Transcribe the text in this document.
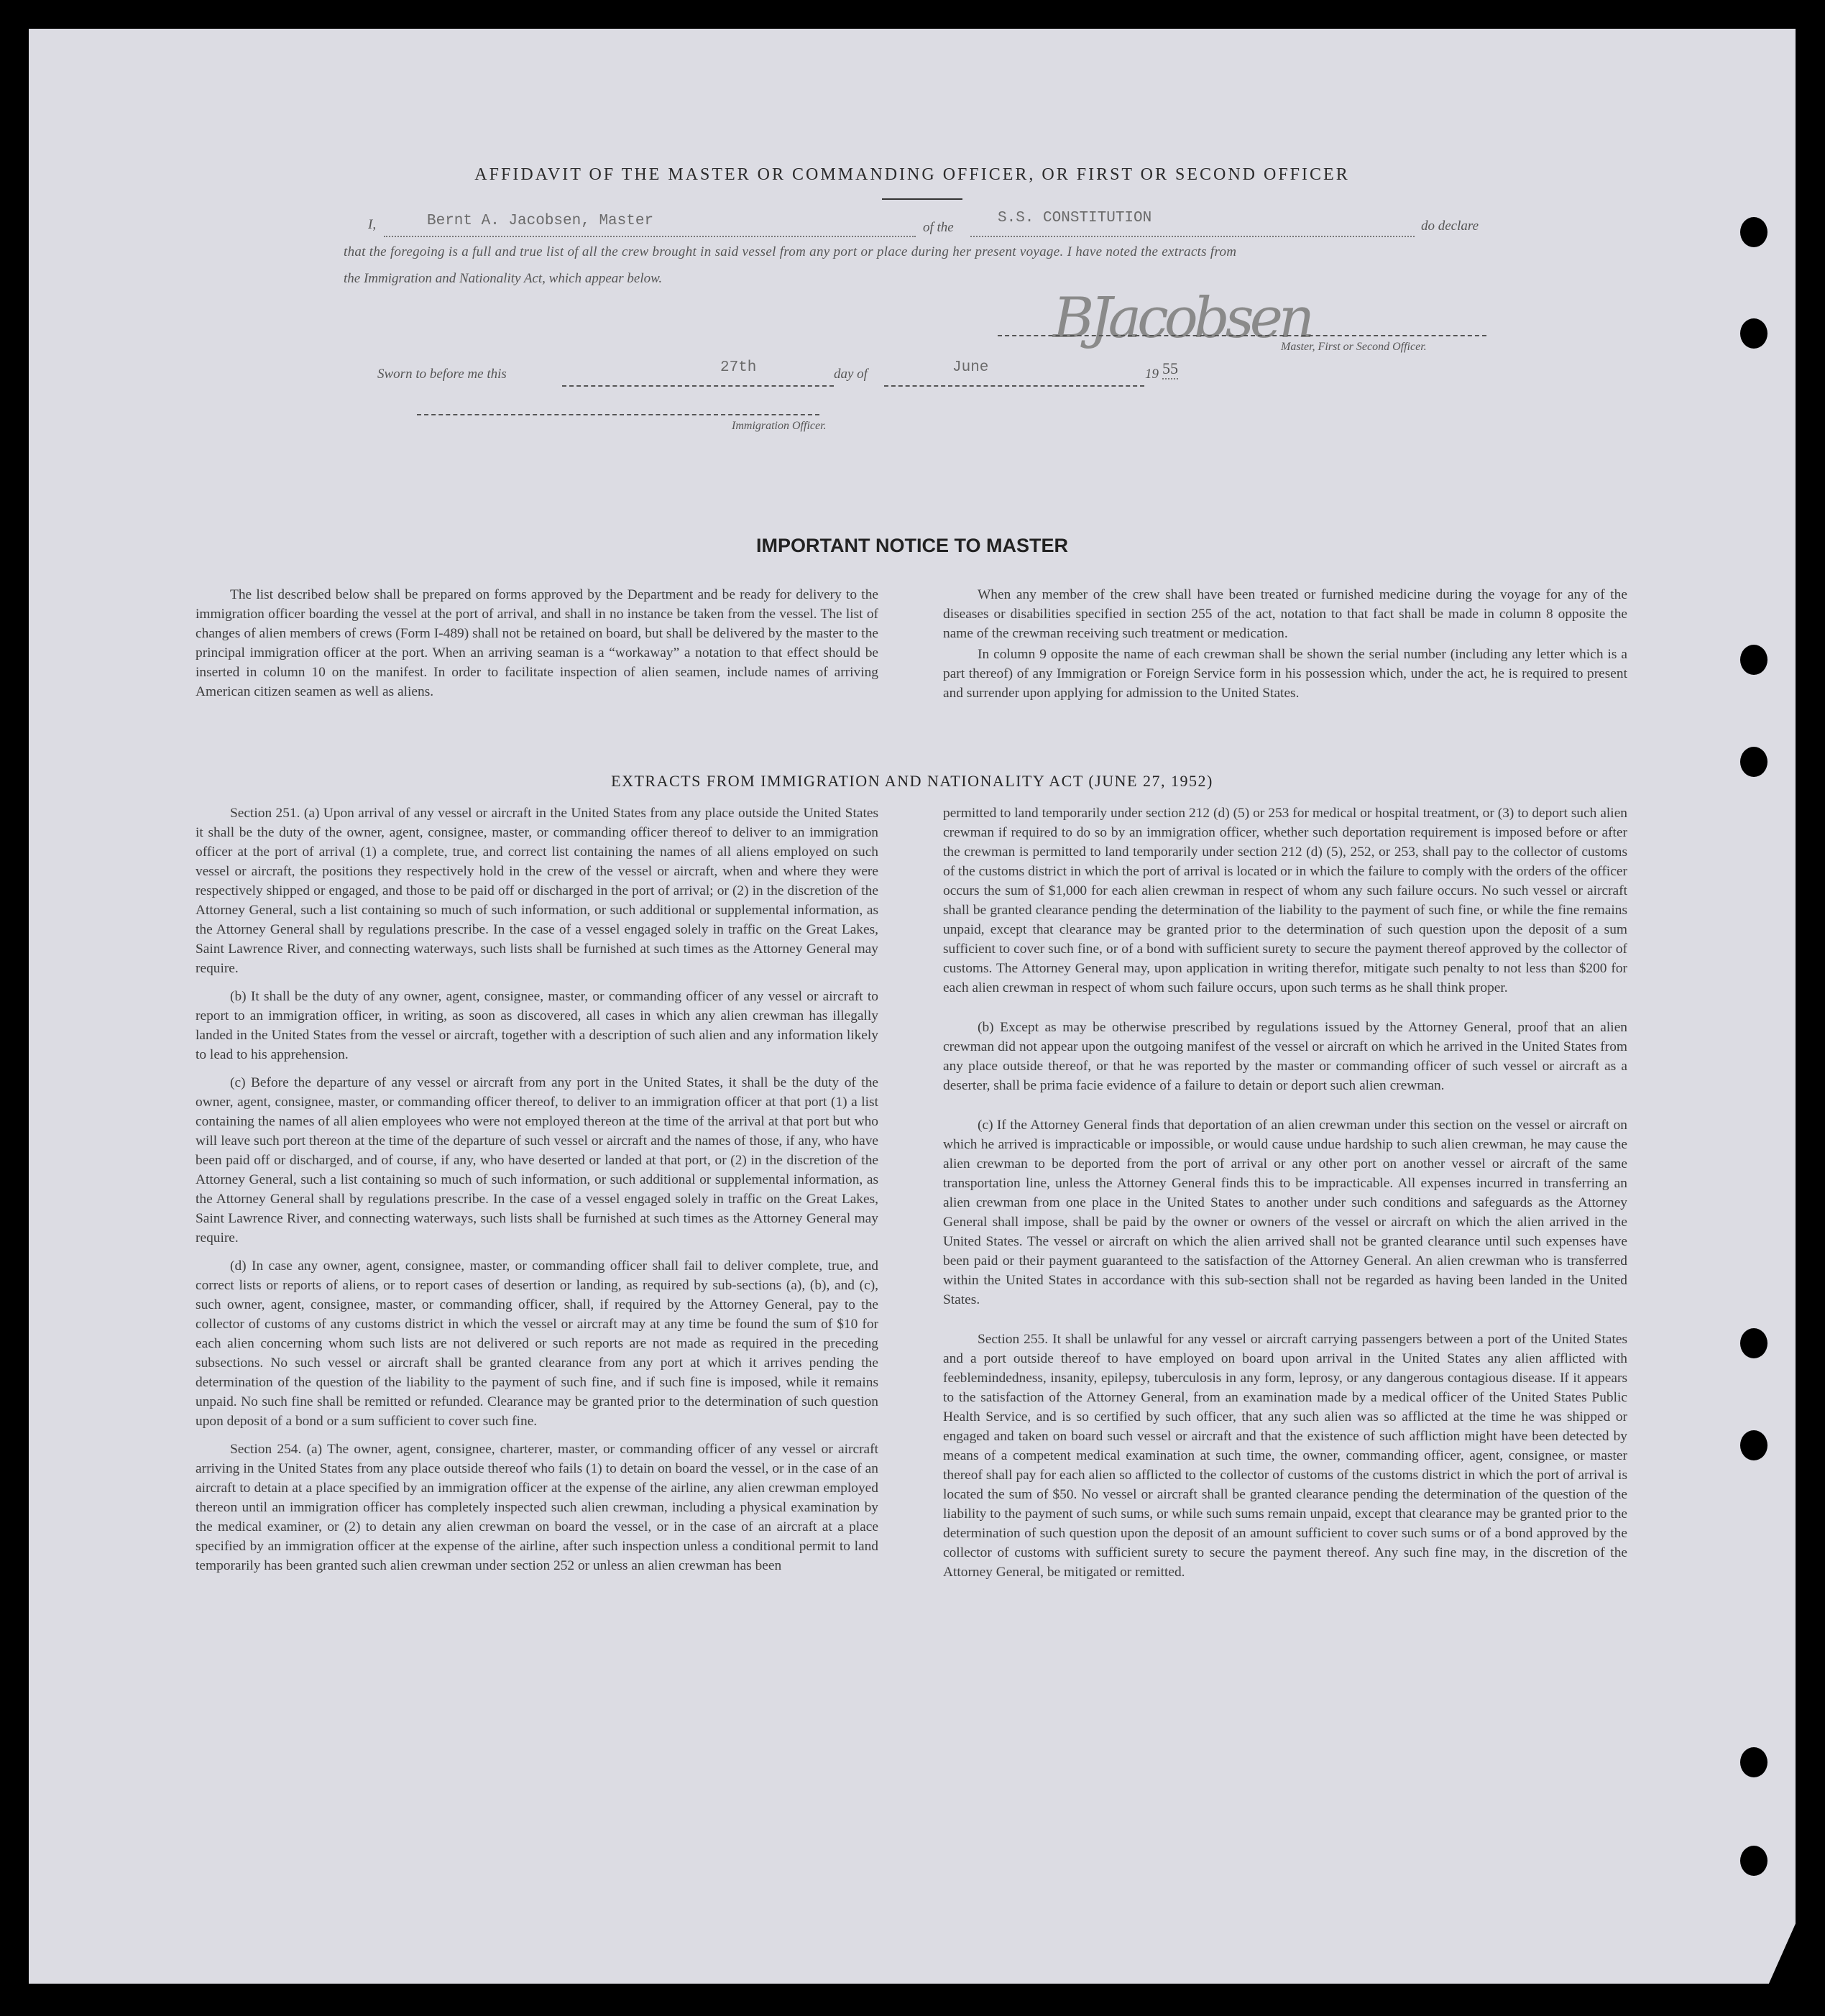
AFFIDAVIT OF THE MASTER OR COMMANDING OFFICER, OR FIRST OR SECOND OFFICER
I,	Bernt A. Jacobsen, Master	of the
S.S. CONSTITUTION	do declare
that the foregoing is a full and true list of all the crew brought in said vessel from any port or place during her present voyage. I have noted the extracts from
the Immigration and Nationality Act, which appear below.
BJacobsen
Master, First or Second Officer.
Sworn to before me this	27th	day of	June	19 55
Immigration Officer.
IMPORTANT NOTICE TO MASTER

The list described below shall be prepared on forms approved by the Department and be ready for delivery to the immigration officer boarding the vessel at the port of arrival, and shall in no instance be taken from the vessel. The list of changes of alien members of crews (Form I-489) shall not be retained on board, but shall be delivered by the master to the principal immigration officer at the port. When an arriving seaman is a “workaway” a notation to that effect should be inserted in column 10 on the manifest. In order to facilitate inspection of alien seamen, include names of arriving American citizen seamen as well as aliens.

When any member of the crew shall have been treated or furnished medicine during the voyage for any of the diseases or disabilities specified in section 255 of the act, notation to that fact shall be made in column 8 opposite the name of the crewman receiving such treatment or medication.

In column 9 opposite the name of each crewman shall be shown the serial number (including any letter which is a part thereof) of any Immigration or Foreign Service form in his possession which, under the act, he is required to present and surrender upon applying for admission to the United States.

EXTRACTS FROM IMMIGRATION AND NATIONALITY ACT (JUNE 27, 1952)

Section 251. (a) Upon arrival of any vessel or aircraft in the United States from any place outside the United States it shall be the duty of the owner, agent, consignee, master, or commanding officer thereof to deliver to an immigration officer at the port of arrival (1) a complete, true, and correct list containing the names of all aliens employed on such vessel or aircraft, the positions they respectively hold in the crew of the vessel or aircraft, when and where they were respectively shipped or engaged, and those to be paid off or discharged in the port of arrival; or (2) in the discretion of the Attorney General, such a list containing so much of such information, or such additional or supplemental information, as the Attorney General shall by regulations prescribe. In the case of a vessel engaged solely in traffic on the Great Lakes, Saint Lawrence River, and connecting waterways, such lists shall be furnished at such times as the Attorney General may require.

(b) It shall be the duty of any owner, agent, consignee, master, or commanding officer of any vessel or aircraft to report to an immigration officer, in writing, as soon as discovered, all cases in which any alien crewman has illegally landed in the United States from the vessel or aircraft, together with a description of such alien and any information likely to lead to his apprehension.

(c) Before the departure of any vessel or aircraft from any port in the United States, it shall be the duty of the owner, agent, consignee, master, or commanding officer thereof, to deliver to an immigration officer at that port (1) a list containing the names of all alien employees who were not employed thereon at the time of the arrival at that port but who will leave such port thereon at the time of the departure of such vessel or aircraft and the names of those, if any, who have been paid off or discharged, and of course, if any, who have deserted or landed at that port, or (2) in the discretion of the Attorney General, such a list containing so much of such information, or such additional or supplemental information, as the Attorney General shall by regulations prescribe. In the case of a vessel engaged solely in traffic on the Great Lakes, Saint Lawrence River, and connecting waterways, such lists shall be furnished at such times as the Attorney General may require.

(d) In case any owner, agent, consignee, master, or commanding officer shall fail to deliver complete, true, and correct lists or reports of aliens, or to report cases of desertion or landing, as required by sub-sections (a), (b), and (c), such owner, agent, consignee, master, or commanding officer, shall, if required by the Attorney General, pay to the collector of customs of any customs district in which the vessel or aircraft may at any time be found the sum of $10 for each alien concerning whom such lists are not delivered or such reports are not made as required in the preceding subsections. No such vessel or aircraft shall be granted clearance from any port at which it arrives pending the determination of the question of the liability to the payment of such fine, and if such fine is imposed, while it remains unpaid. No such fine shall be remitted or refunded. Clearance may be granted prior to the determination of such question upon deposit of a bond or a sum sufficient to cover such fine.

Section 254. (a) The owner, agent, consignee, charterer, master, or commanding officer of any vessel or aircraft arriving in the United States from any place outside thereof who fails (1) to detain on board the vessel, or in the case of an aircraft to detain at a place specified by an immigration officer at the expense of the airline, any alien crewman employed thereon until an immigration officer has completely inspected such alien crewman, including a physical examination by the medical examiner, or (2) to detain any alien crewman on board the vessel, or in the case of an aircraft at a place specified by an immigration officer at the expense of the airline, after such inspection unless a conditional permit to land temporarily has been granted such alien crewman under section 252 or unless an alien crewman has been

permitted to land temporarily under section 212 (d) (5) or 253 for medical or hospital treatment, or (3) to deport such alien crewman if required to do so by an immigration officer, whether such deportation requirement is imposed before or after the crewman is permitted to land temporarily under section 212 (d) (5), 252, or 253, shall pay to the collector of customs of the customs district in which the port of arrival is located or in which the failure to comply with the orders of the officer occurs the sum of $1,000 for each alien crewman in respect of whom any such failure occurs. No such vessel or aircraft shall be granted clearance pending the determination of the liability to the payment of such fine, or while the fine remains unpaid, except that clearance may be granted prior to the determination of such question upon the deposit of a sum sufficient to cover such fine, or of a bond with sufficient surety to secure the payment thereof approved by the collector of customs. The Attorney General may, upon application in writing therefor, mitigate such penalty to not less than $200 for each alien crewman in respect of whom such failure occurs, upon such terms as he shall think proper.

(b) Except as may be otherwise prescribed by regulations issued by the Attorney General, proof that an alien crewman did not appear upon the outgoing manifest of the vessel or aircraft on which he arrived in the United States from any place outside thereof, or that he was reported by the master or commanding officer of such vessel or aircraft as a deserter, shall be prima facie evidence of a failure to detain or deport such alien crewman.

(c) If the Attorney General finds that deportation of an alien crewman under this section on the vessel or aircraft on which he arrived is impracticable or impossible, or would cause undue hardship to such alien crewman, he may cause the alien crewman to be deported from the port of arrival or any other port on another vessel or aircraft of the same transportation line, unless the Attorney General finds this to be impracticable. All expenses incurred in transferring an alien crewman from one place in the United States to another under such conditions and safeguards as the Attorney General shall impose, shall be paid by the owner or owners of the vessel or aircraft on which the alien arrived in the United States. The vessel or aircraft on which the alien arrived shall not be granted clearance until such expenses have been paid or their payment guaranteed to the satisfaction of the Attorney General. An alien crewman who is transferred within the United States in accordance with this sub-section shall not be regarded as having been landed in the United States.

Section 255. It shall be unlawful for any vessel or aircraft carrying passengers between a port of the United States and a port outside thereof to have employed on board upon arrival in the United States any alien afflicted with feeblemindedness, insanity, epilepsy, tuberculosis in any form, leprosy, or any dangerous contagious disease. If it appears to the satisfaction of the Attorney General, from an examination made by a medical officer of the United States Public Health Service, and is so certified by such officer, that any such alien was so afflicted at the time he was shipped or engaged and taken on board such vessel or aircraft and that the existence of such affliction might have been detected by means of a competent medical examination at such time, the owner, commanding officer, agent, consignee, or master thereof shall pay for each alien so afflicted to the collector of customs of the customs district in which the port of arrival is located the sum of $50. No vessel or aircraft shall be granted clearance pending the determination of the question of the liability to the payment of such sums, or while such sums remain unpaid, except that clearance may be granted prior to the determination of such question upon the deposit of an amount sufficient to cover such sums or of a bond approved by the collector of customs with sufficient surety to secure the payment thereof. Any such fine may, in the discretion of the Attorney General, be mitigated or remitted.
